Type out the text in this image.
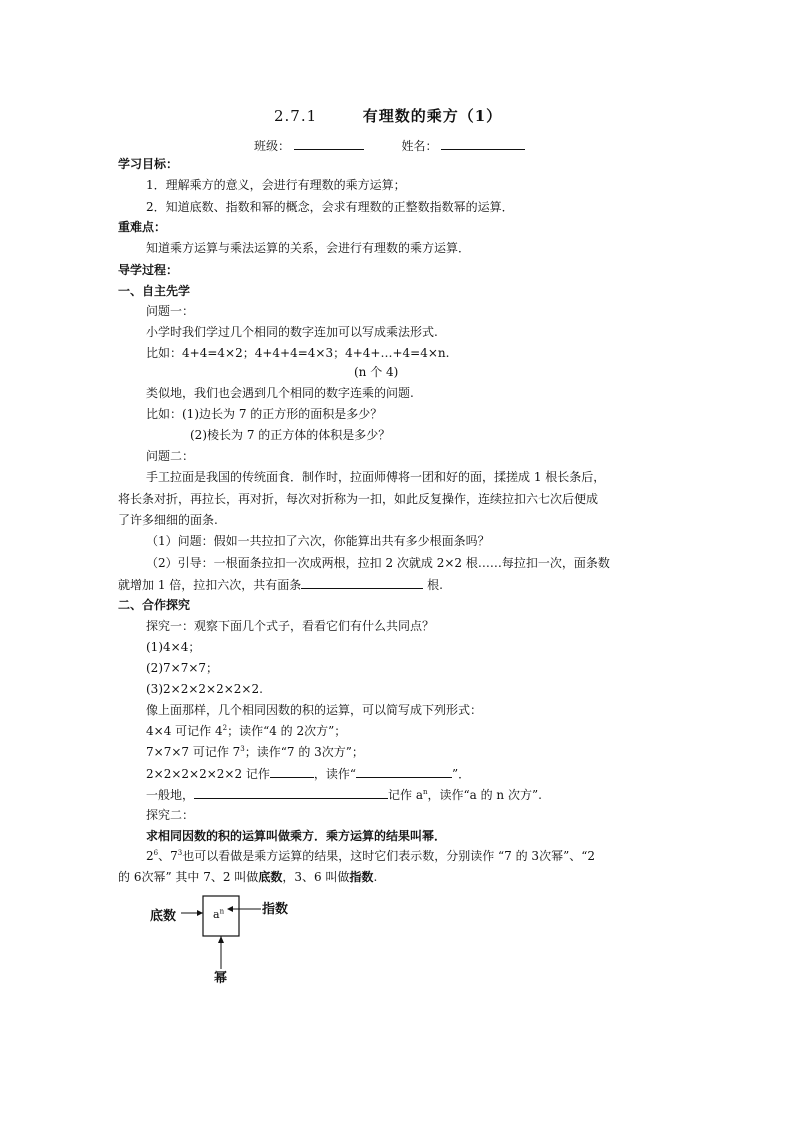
2.7.1	有理数的乘方（1）
班级：	姓名：
学习目标：
1．理解乘方的意义，会进行有理数的乘方运算；
2．知道底数、指数和幂的概念，会求有理数的正整数指数幂的运算．
重难点：
知道乘方运算与乘法运算的关系，会进行有理数的乘方运算．
导学过程：
一、自主先学
问题一：
小学时我们学过几个相同的数字连加可以写成乘法形式.
比如：4+4=4×2；4+4+4=4×3；4+4+…+4=4×n.
(n 个 4)
类似地，我们也会遇到几个相同的数字连乘的问题.
比如：(1)边长为 7 的正方形的面积是多少？
(2)棱长为 7 的正方体的体积是多少？
问题二：
手工拉面是我国的传统面食．制作时，拉面师傅将一团和好的面，揉搓成 1 根长条后，
将长条对折，再拉长，再对折，每次对折称为一扣，如此反复操作，连续拉扣六七次后便成
了许多细细的面条.
（1）问题：假如一共拉扣了六次，你能算出共有多少根面条吗？
（2）引导：一根面条拉扣一次成两根，拉扣 2 次就成 2×2 根……每拉扣一次，面条数
就增加 1 倍，拉扣六次，共有面条	根.
二、合作探究
探究一：观察下面几个式子，看看它们有什么共同点？
(1)4×4；
(2)7×7×7；
(3)2×2×2×2×2×2.
像上面那样，几个相同因数的积的运算，可以简写成下列形式：
4×4 可记作 $4^2$；读作“4 的 2次方”；
7×7×7 可记作 $7^3$；读作“7 的 3次方”；
2×2×2×2×2×2 记作	，读作“	”．
一般地，	记作 $a^n$，读作“a 的 n 次方”.
探究二：
求相同因数的积的运算叫做乘方．乘方运算的结果叫幂．
$2^6$、$7^3$也可以看做是乘方运算的结果，这时它们表示数，分别读作 “7 的 3次幂”、“2
的 6次幂” 其中 7、2 叫做底数，3、6 叫做指数.
底数	指数
幂
$a^n$
